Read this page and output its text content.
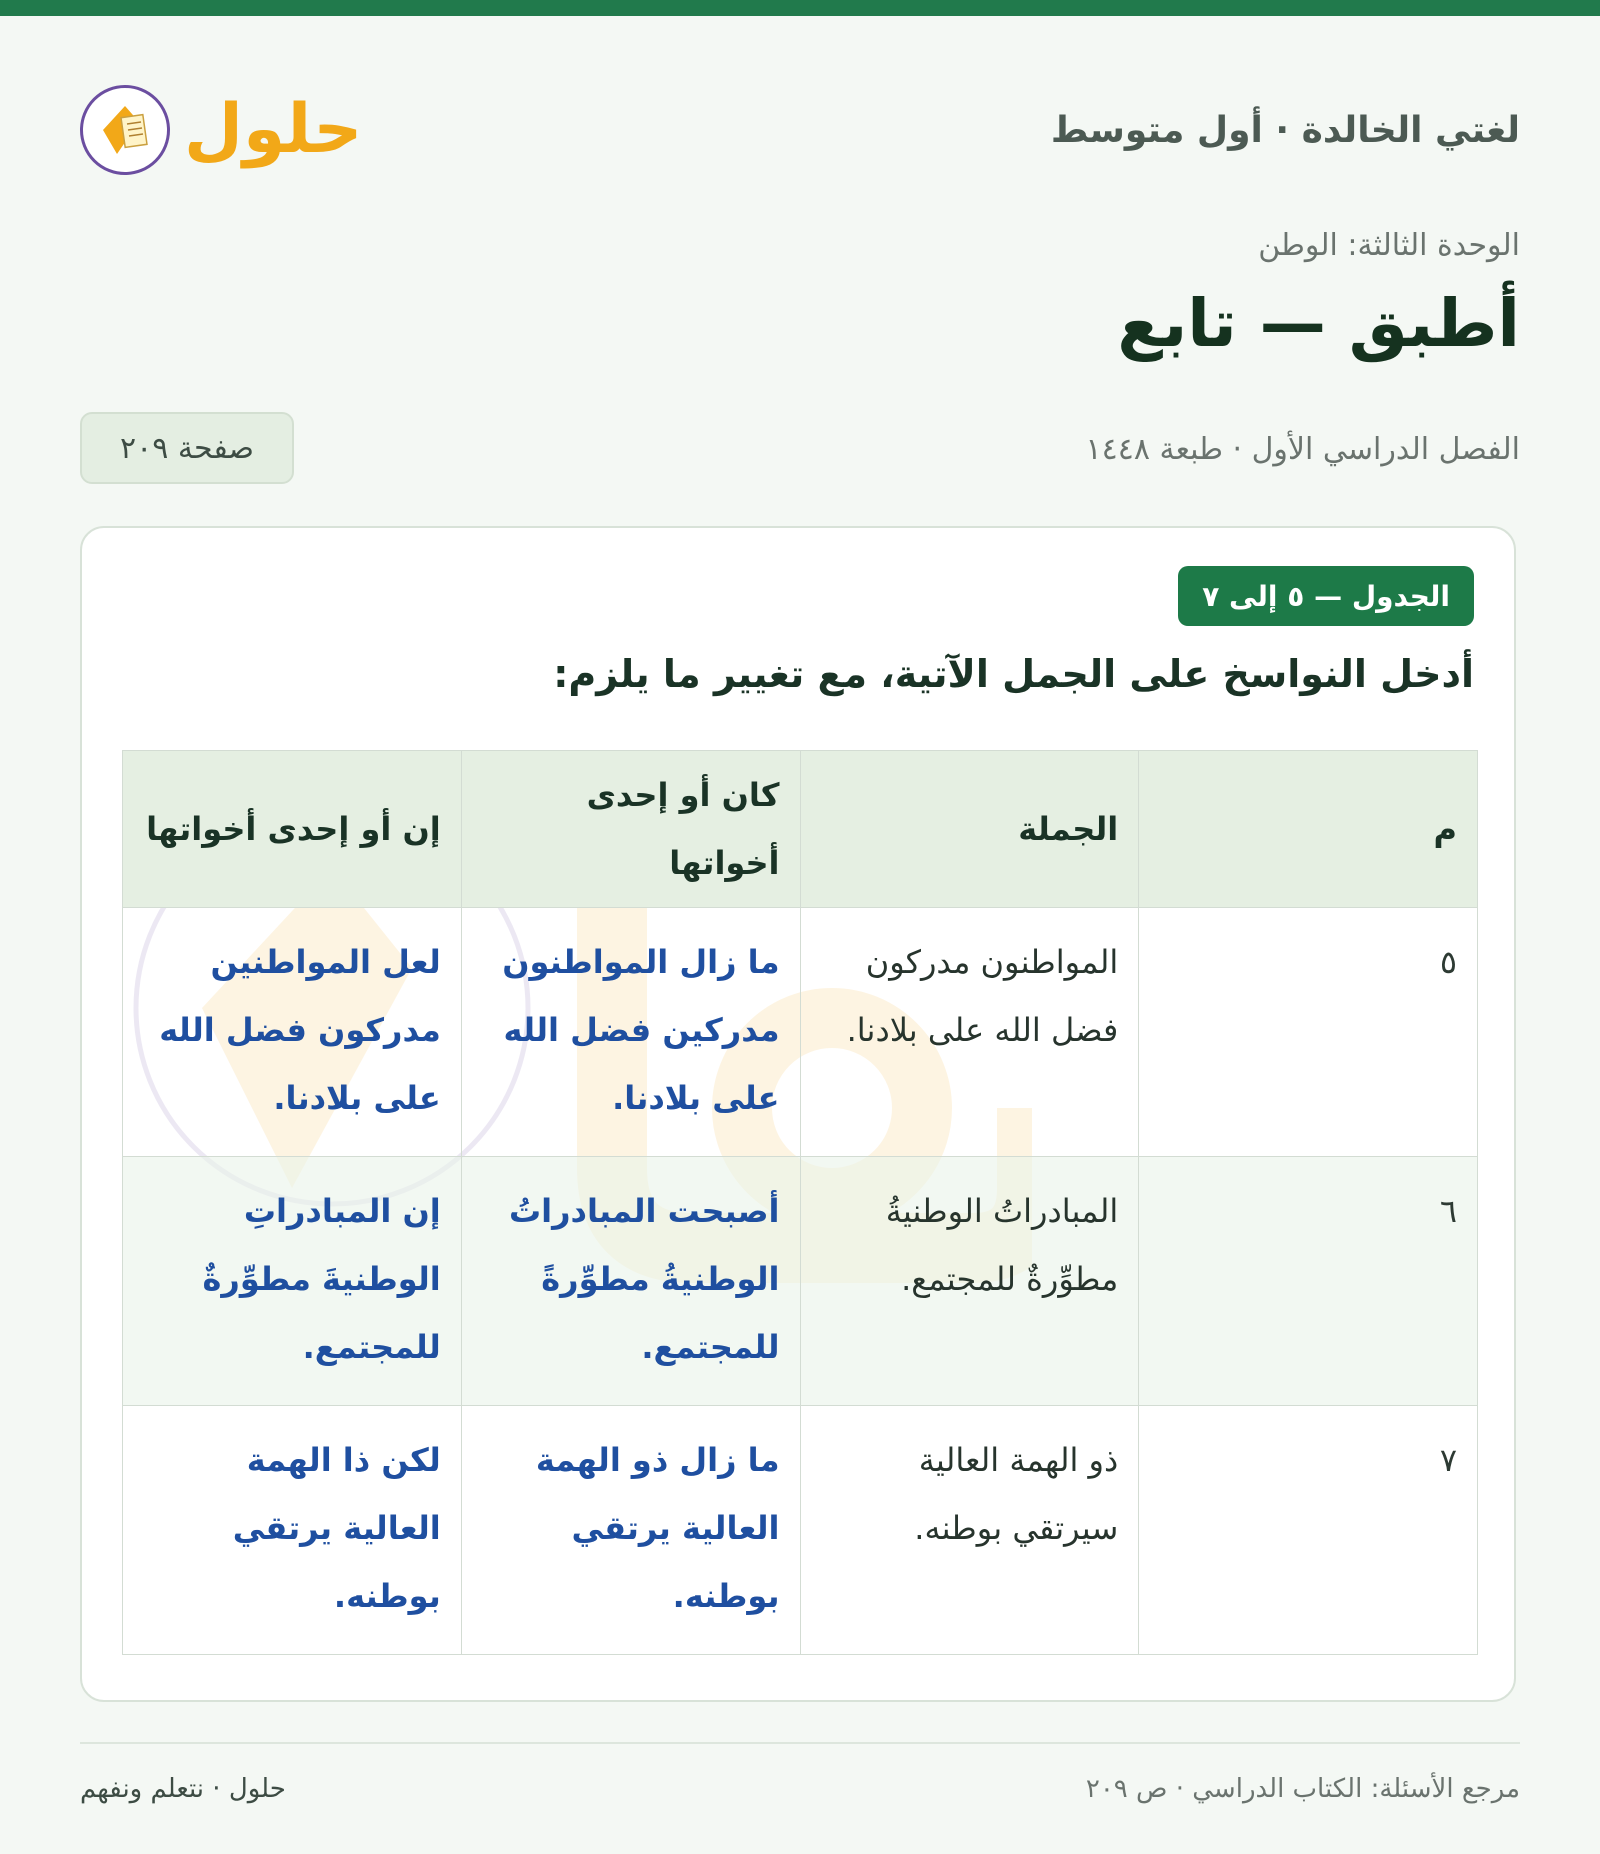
لغتي الخالدة · أول متوسط
حلول
الوحدة الثالثة: الوطن
أطبق — تابع
الفصل الدراسي الأول · طبعة ١٤٤٨
صفحة ٢٠٩
الجدول — ٥ إلى ٧
أدخل النواسخ على الجمل الآتية، مع تغيير ما يلزم:
م	الجملة	كان أو إحدى أخواتها	إن أو إحدى أخواتها
٥	المواطنون مدركون فضل الله على بلادنا.	ما زال المواطنون مدركين فضل الله على بلادنا.	لعل المواطنين مدركون فضل الله على بلادنا.
٦	المبادراتُ الوطنيةُ مطوِّرةٌ للمجتمع.	أصبحت المبادراتُ الوطنيةُ مطوِّرةً للمجتمع.	إن المبادراتِ الوطنيةَ مطوِّرةٌ للمجتمع.
٧	ذو الهمة العالية سيرتقي بوطنه.	ما زال ذو الهمة العالية يرتقي بوطنه.	لكن ذا الهمة العالية يرتقي بوطنه.
مرجع الأسئلة: الكتاب الدراسي · ص ٢٠٩
حلول · نتعلم ونفهم
